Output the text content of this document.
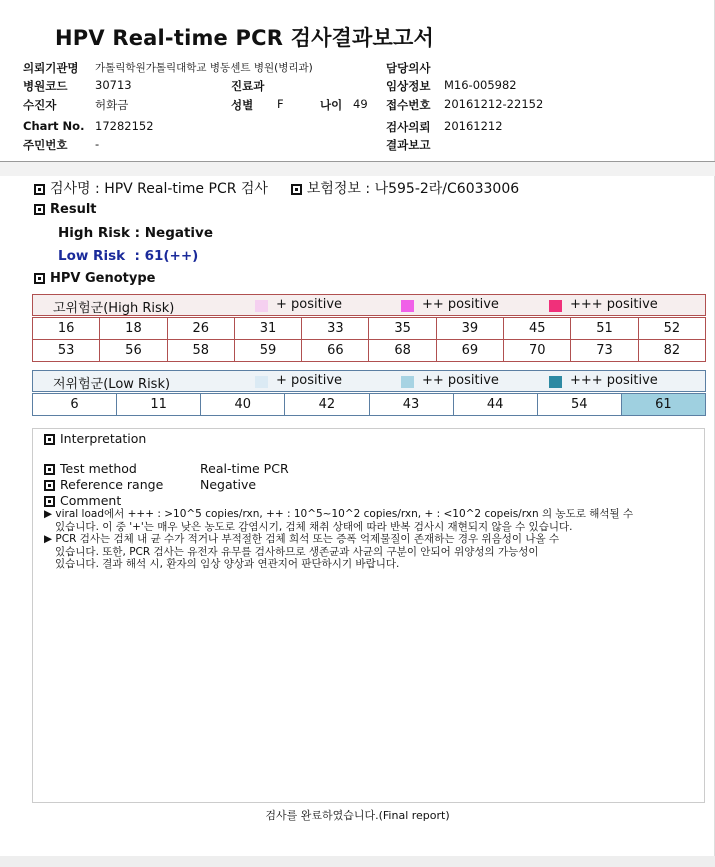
HPV Real-time PCR 검사결과보고서
의뢰기관명 가톨릭학원가톨릭대학교 병동센트 병원(병리과)
병원코드 30713
수진자	허화금
Chart No. 17282152
주민번호 -
진료과
성별 F	나이 49
담당의사
임상정보 M16-005982
접수번호 20161212-22152
검사의뢰 20161212
결과보고
검사명 : HPV Real-time PCR 검사	보험정보 : 나595-2라/C6033006
Result
High Risk : Negative
Low Risk  : 61(++)
HPV Genotype
고위험군(High Risk)	+ positive	++ positive	+++ positive
16	18	26	31	33	35	39	45	51	52
53	56	58	59	66	68	69	70	73	82
저위험군(Low Risk)	+ positive	++ positive	+++ positive
6	11	40	42	43	44	54	61
Interpretation
Test method	Real-time PCR
Reference range	Negative
Comment
▶ viral load에서 +++ : >10^5 copies/rxn, ++ : 10^5~10^2 copies/rxn, + : <10^2 copeis/rxn 의 농도로 해석될 수
있습니다. 이 중 '+'는 매우 낮은 농도로 감염시기, 검체 채취 상태에 따라 반복 검사시 재현되지 않을 수 있습니다.
▶ PCR 검사는 검체 내 균 수가 적거나 부적절한 검체 희석 또는 증폭 억제물질이 존재하는 경우 위음성이 나올 수
있습니다. 또한, PCR 검사는 유전자 유무를 검사하므로 생존균과 사균의 구분이 안되어 위양성의 가능성이
있습니다. 결과 해석 시, 환자의 임상 양상과 연관지어 판단하시기 바랍니다.
검사를 완료하였습니다.(Final report)
